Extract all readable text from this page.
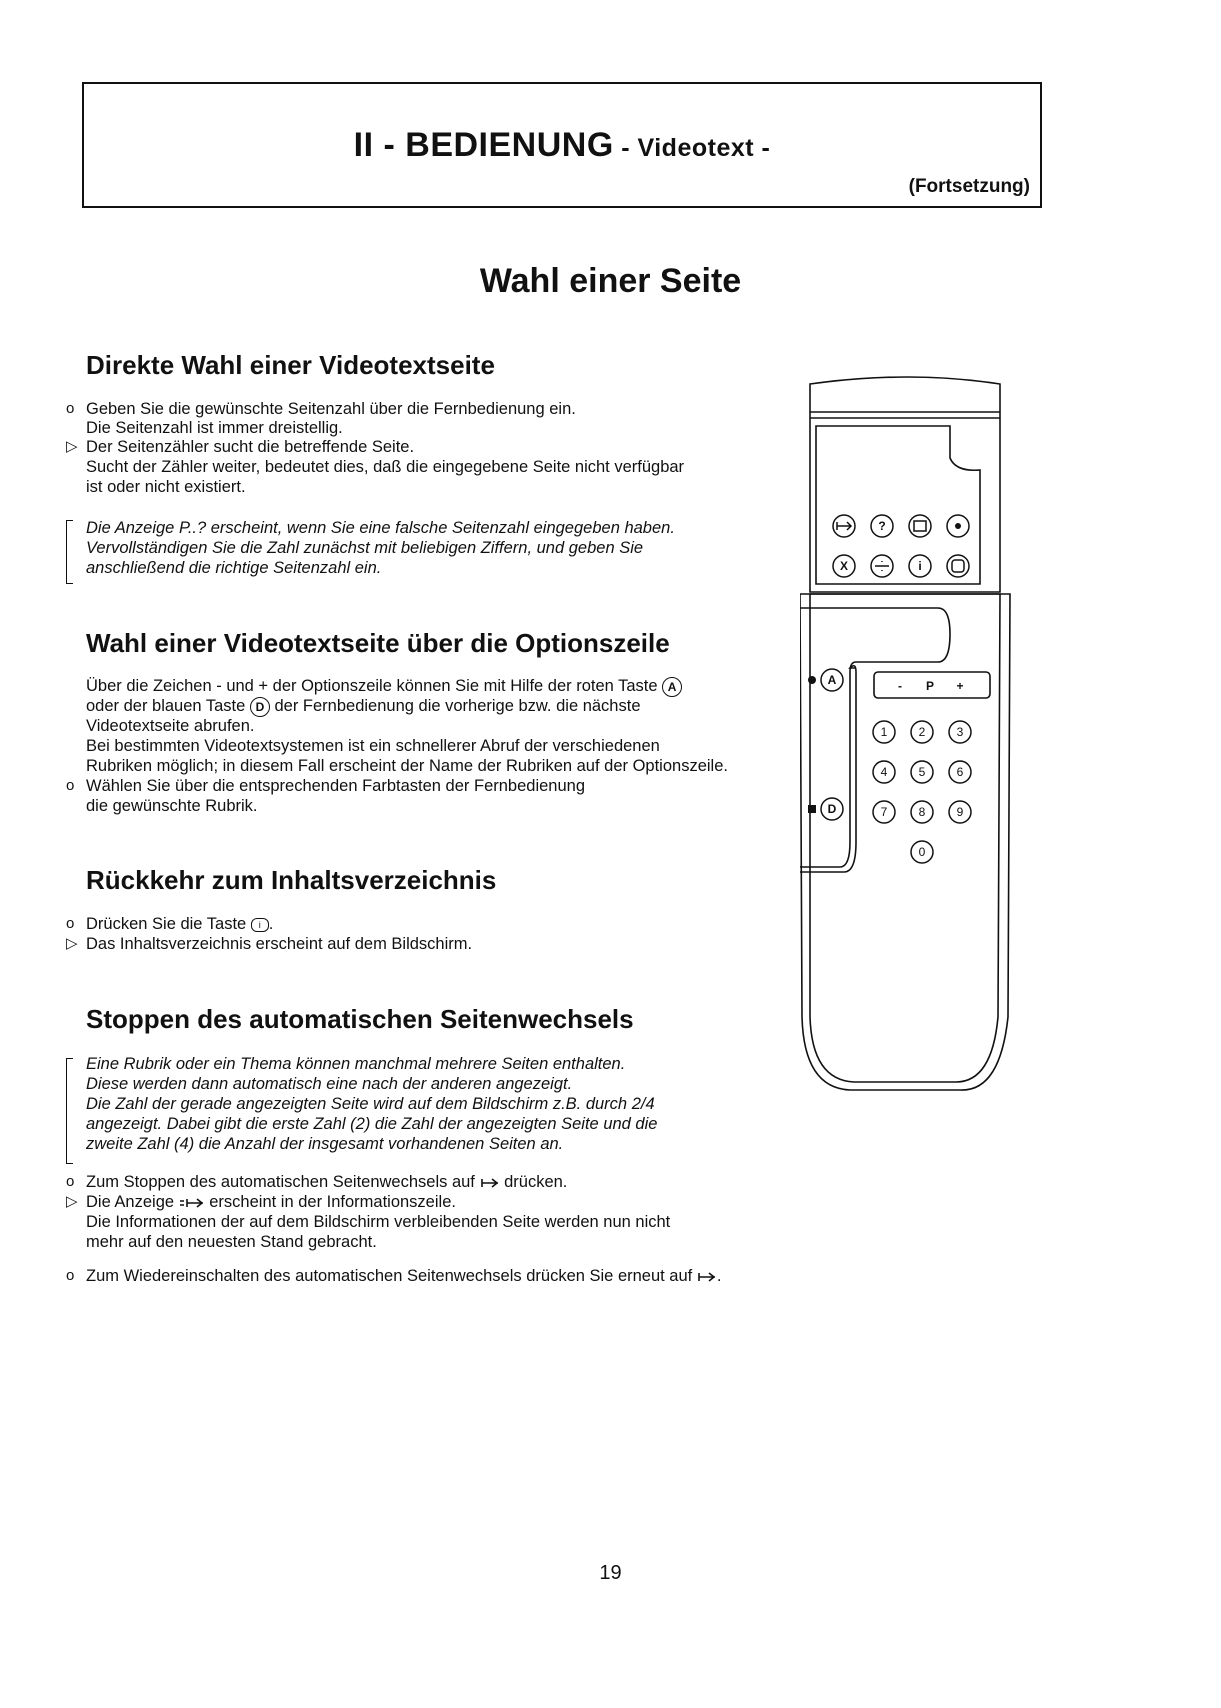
II - BEDIENUNG - Videotext -
(Fortsetzung)
Wahl einer Seite
Direkte Wahl einer Videotextseite
o Geben Sie die gewünschte Seitenzahl über die Fernbedienung ein.
Die Seitenzahl ist immer dreistellig.
▷ Der Seitenzähler sucht die betreffende Seite.
Sucht der Zähler weiter, bedeutet dies, daß die eingegebene Seite nicht verfügbar
ist oder nicht existiert.
Die Anzeige P..? erscheint, wenn Sie eine falsche Seitenzahl eingegeben haben.
Vervollständigen Sie die Zahl zunächst mit beliebigen Ziffern, und geben Sie
anschließend die richtige Seitenzahl ein.
Wahl einer Videotextseite über die Optionszeile
Über die Zeichen - und + der Optionszeile können Sie mit Hilfe der roten Taste A
oder der blauen Taste D der Fernbedienung die vorherige bzw. die nächste
Videotextseite abrufen.
Bei bestimmten Videotextsystemen ist ein schnellerer Abruf der verschiedenen
Rubriken möglich; in diesem Fall erscheint der Name der Rubriken auf der Optionszeile.
o Wählen Sie über die entsprechenden Farbtasten der Fernbedienung
die gewünschte Rubrik.
Rückkehr zum Inhaltsverzeichnis
o Drücken Sie die Taste i .
▷ Das Inhaltsverzeichnis erscheint auf dem Bildschirm.
Stoppen des automatischen Seitenwechsels
Eine Rubrik oder ein Thema können manchmal mehrere Seiten enthalten.
Diese werden dann automatisch eine nach der anderen angezeigt.
Die Zahl der gerade angezeigten Seite wird auf dem Bildschirm z.B. durch 2/4
angezeigt. Dabei gibt die erste Zahl (2) die Zahl der angezeigten Seite und die
zweite Zahl (4) die Anzahl der insgesamt vorhandenen Seiten an.
o Zum Stoppen des automatischen Seitenwechsels auf drücken.
▷ Die Anzeige erscheint in der Informationszeile.
Die Informationen der auf dem Bildschirm verbleibenden Seite werden nun nicht
mehr auf den neuesten Stand gebracht.
o Zum Wiedereinschalten des automatischen Seitenwechsels drücken Sie erneut auf .
- P +
?
X	i
A
D
1	2	3
4	5	6
7	8	9
0
19
